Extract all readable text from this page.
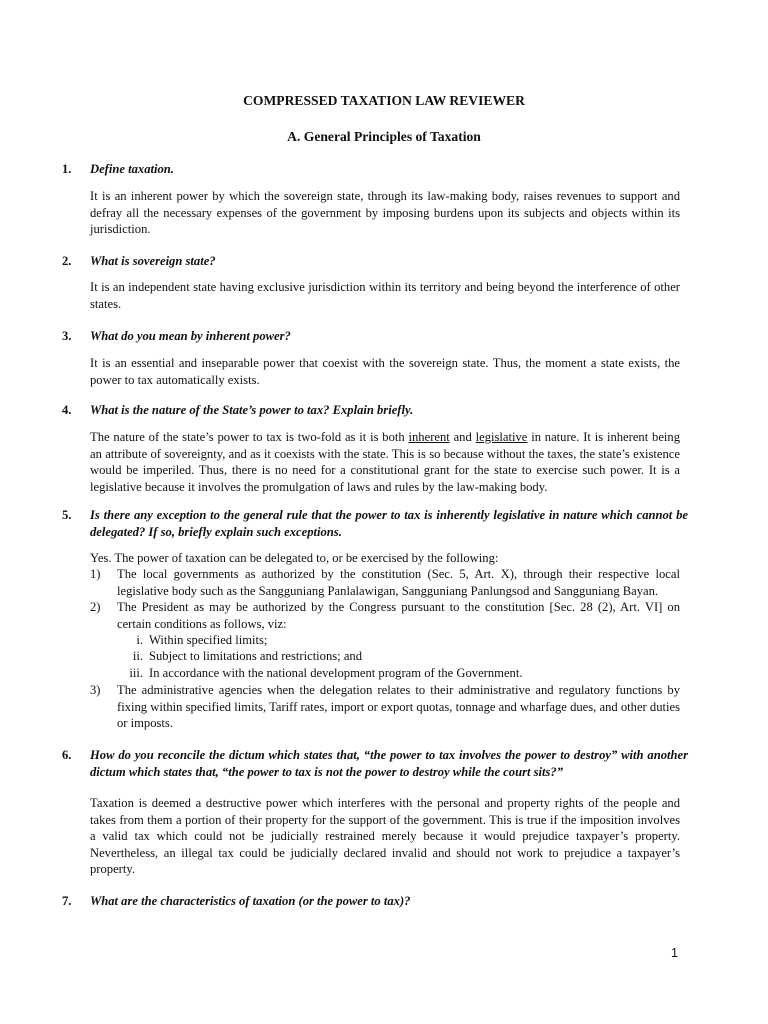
COMPRESSED TAXATION LAW REVIEWER
A. General Principles of Taxation
1. Define taxation.
It is an inherent power by which the sovereign state, through its law-making body, raises revenues to support and defray all the necessary expenses of the government by imposing burdens upon its subjects and objects within its jurisdiction.
2. What is sovereign state?
It is an independent state having exclusive jurisdiction within its territory and being beyond the interference of other states.
3. What do you mean by inherent power?
It is an essential and inseparable power that coexist with the sovereign state. Thus, the moment a state exists, the power to tax automatically exists.
4. What is the nature of the State’s power to tax? Explain briefly.
The nature of the state’s power to tax is two-fold as it is both inherent and legislative in nature. It is inherent being an attribute of sovereignty, and as it coexists with the state. This is so because without the taxes, the state’s existence would be imperiled. Thus, there is no need for a constitutional grant for the state to exercise such power. It is a legislative because it involves the promulgation of laws and rules by the law-making body.
5. Is there any exception to the general rule that the power to tax is inherently legislative in nature which cannot be delegated? If so, briefly explain such exceptions.
Yes. The power of taxation can be delegated to, or be exercised by the following:
1) The local governments as authorized by the constitution (Sec. 5, Art. X), through their respective local legislative body such as the Sangguniang Panlalawigan, Sangguniang Panlungsod and Sangguniang Bayan.
2) The President as may be authorized by the Congress pursuant to the constitution [Sec. 28 (2), Art. VI] on certain conditions as follows, viz:
i. Within specified limits;
ii. Subject to limitations and restrictions; and
iii. In accordance with the national development program of the Government.
3) The administrative agencies when the delegation relates to their administrative and regulatory functions by fixing within specified limits, Tariff rates, import or export quotas, tonnage and wharfage dues, and other duties or imposts.
6. How do you reconcile the dictum which states that, “the power to tax involves the power to destroy” with another dictum which states that, “the power to tax is not the power to destroy while the court sits?”
Taxation is deemed a destructive power which interferes with the personal and property rights of the people and takes from them a portion of their property for the support of the government. This is true if the imposition involves a valid tax which could not be judicially restrained merely because it would prejudice taxpayer’s property. Nevertheless, an illegal tax could be judicially declared invalid and should not work to prejudice a taxpayer’s property.
7. What are the characteristics of taxation (or the power to tax)?
1
